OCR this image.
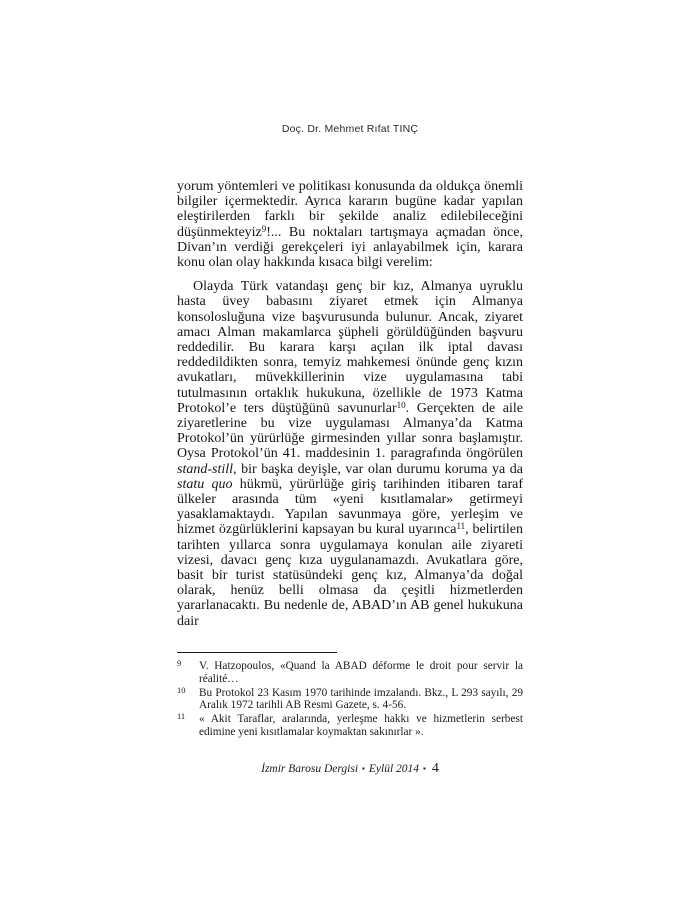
Doç. Dr. Mehmet Rıfat TINÇ

yorum yöntemleri ve politikası konusunda da oldukça önemli bilgiler içermektedir. Ayrıca kararın bugüne kadar yapılan eleştirilerden farklı bir şekilde analiz edilebileceğini düşünmekteyiz$^9$!... Bu noktaları tartışmaya açmadan önce, Divan’ın verdiği gerekçeleri iyi anlayabilmek için, karara konu olan olay hakkında kısaca bilgi verelim:

Olayda Türk vatandaşı genç bir kız, Almanya uyruklu hasta üvey babasını ziyaret etmek için Almanya konsolosluğuna vize başvurusunda bulunur. Ancak, ziyaret amacı Alman makamlarca şüpheli görüldüğünden başvuru reddedilir. Bu karara karşı açılan ilk iptal davası reddedildikten sonra, temyiz mahkemesi önünde genç kızın avukatları, müvekkillerinin vize uygulamasına tabi tutulmasının ortaklık hukukuna, özellikle de 1973 Katma Protokol’e ters düştüğünü savunurlar$^{10}$. Gerçekten de aile ziyaretlerine bu vize uygulaması Almanya’da Katma Protokol’ün yürürlüğe girmesinden yıllar sonra başlamıştır. Oysa Protokol’ün 41. maddesinin 1. paragrafında öngörülen stand-still, bir başka deyişle, var olan durumu koruma ya da statu quo hükmü, yürürlüğe giriş tarihinden itibaren taraf ülkeler arasında tüm «yeni kısıtlamalar» getirmeyi yasaklamaktaydı. Yapılan savunmaya göre, yerleşim ve hizmet özgürlüklerini kapsayan bu kural uyarınca$^{11}$, belirtilen tarihten yıllarca sonra uygulamaya konulan aile ziyareti vizesi, davacı genç kıza uygulanamazdı. Avukatlara göre, basit bir turist statüsündeki genç kız, Almanya’da doğal olarak, henüz belli olmasa da çeşitli hizmetlerden yararlanacaktı. Bu nedenle de, ABAD’ın AB genel hukukuna dair

9 V. Hatzopoulos, «Quand la ABAD déforme le droit pour servir la réalité…
10 Bu Protokol 23 Kasım 1970 tarihinde imzalandı. Bkz., L 293 sayılı, 29 Aralık 1972 tarihli AB Resmi Gazete, s. 4-56.
11 « Akit Taraflar, aralarında, yerleşme hakkı ve hizmetlerin serbest edimine yeni kısıtlamalar koymaktan sakınırlar ».
İzmir Barosu Dergisi ▪ Eylül 2014 ▪ 4
